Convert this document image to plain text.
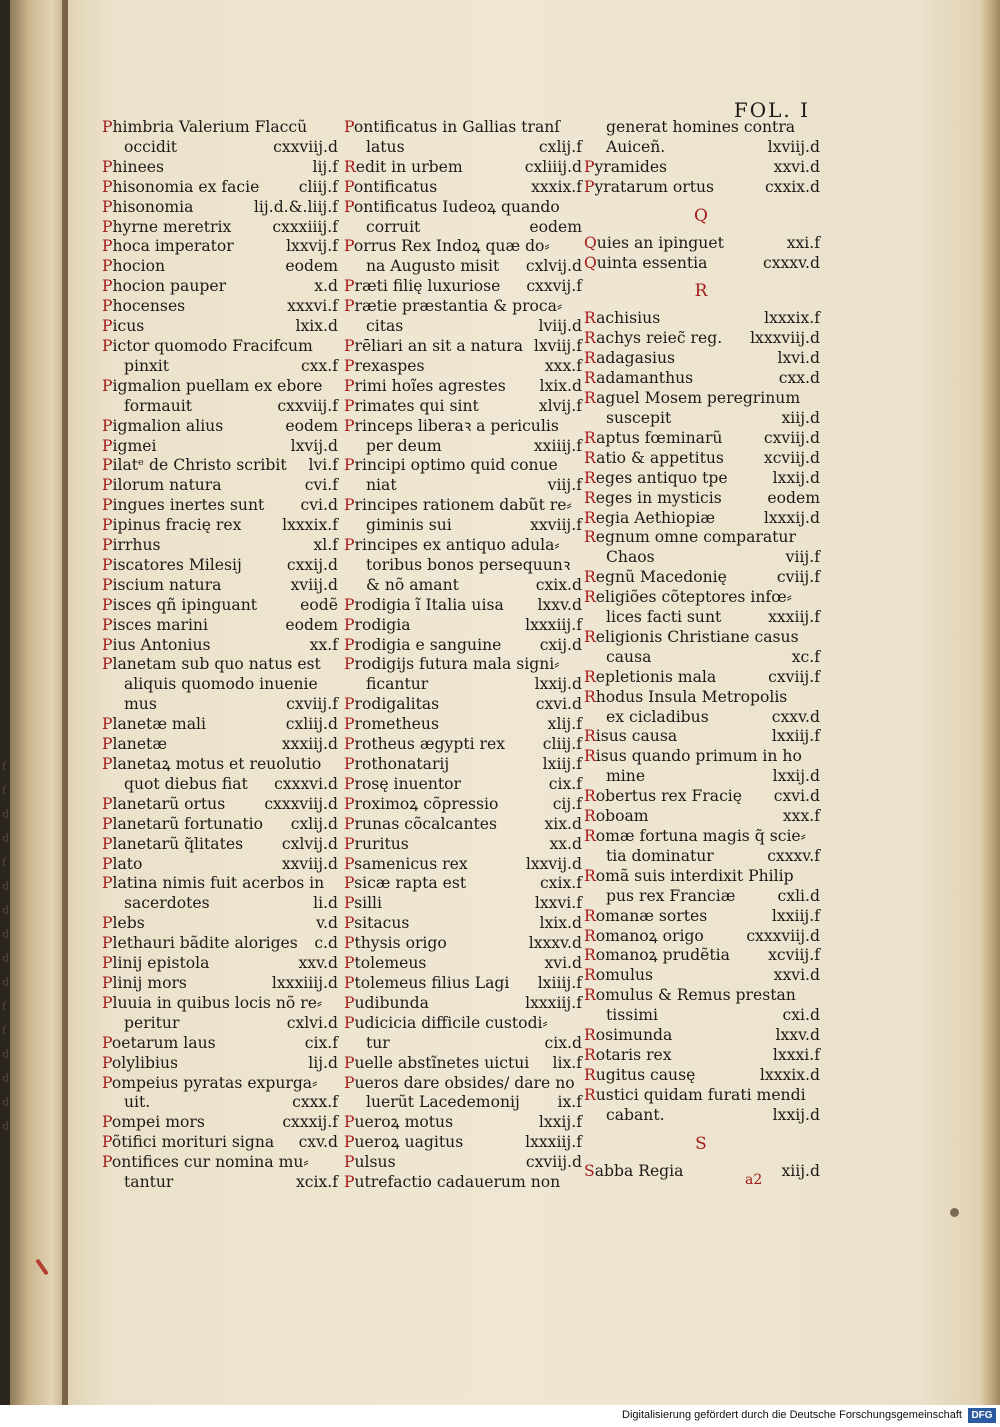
FOL. I
Phimbria Valerium Flaccũ
occidit	cxxviij.d
Phinees	lij.f
Phisonomia ex facie	cliij.f
Phisonomia	lij.d.&.liij.f
Phyrne meretrix	cxxxiiij.f
Phoca imperator	lxxvij.f
Phocion	eodem
Phocion pauper	x.d
Phocenses	xxxvi.f
Picus	lxix.d
Pictor quomodo Fracifcum
pinxit	cxx.f
Pigmalion puellam ex ebore
formauit	cxxviij.f
Pigmalion alius	eodem
Pigmei	lxvij.d
Pilatᵉ de Christo scribit lvi.f
Pilorum natura	cvi.f
Pingues inertes sunt cvi.d
Pipinus fracię rex	lxxxix.f
Pirrhus	xl.f
Piscatores Milesij	cxxij.d
Piscium natura	xviij.d
Pisces qñ ipinguant	eodẽ
Pisces marini	eodem
Pius Antonius	xx.f
Planetam sub quo natus est
aliquis quomodo inuenie
mus	cxviij.f
Planetæ mali	cxliij.d
Planetæ	xxxiij.d
Planetaꝝ motus et reuolutio
quot diebus fiat cxxxvi.d
Planetarũ ortus	cxxxviij.d
Planetarũ fortunatio cxlij.d
Planetarũ q̃litates cxlvij.d
Plato	xxviij.d
Platina nimis fuit acerbos in
sacerdotes	li.d
Plebs	v.d
Plethauri bãdite aloriges c.d
Plinij epistola	xxv.d
Plinij mors	lxxxiiij.d
Pluuia in quibus locis nõ re⸗
peritur	cxlvi.d
Poetarum laus	cix.f
Polylibius	lij.d
Pompeius pyratas expurga⸗
uit.	cxxx.f
Pompei mors	cxxxij.f
Põtifici morituri signa cxv.d
Pontifices cur nomina mu⸗
tantur	xcix.f
Pontificatus in Gallias tranſ
latus	cxlij.f
Redit in urbem	cxliiij.d
Pontificatus	xxxix.f
Pontificatus Iudeoꝝ quando
corruit	eodem
Porrus Rex Indoꝝ quæ do⸗
na Augusto misit cxlvij.d
Præti filię luxuriose cxxvij.f
Prætie præstantia & proca⸗
citas	lviij.d
Prēliari an sit a natura lxviij.f
Prexaspes	xxx.f
Primi hoĩes agrestes lxix.d
Primates qui sint	xlvij.f
Princeps liberaꝛ a periculis
per deum	xxiiij.f
Principi optimo quid conue
niat	viij.f
Principes rationem dabũt re⸗
giminis sui	xxviij.f
Principes ex antiquo adula⸗
toribus bonos persequunꝛ
& nõ amant	cxix.d
Prodigia ĩ Italia uisa lxxv.d
Prodigia	lxxxiij.f
Prodigia e sanguine cxij.d
Prodigijs futura mala signi⸗
ficantur	lxxij.d
Prodigalitas	cxvi.d
Prometheus	xlij.f
Protheus ægypti rex cliij.f
Prothonatarij	lxiij.f
Prosę inuentor	cix.f
Proximoꝝ cõpressio	cij.f
Prunas cõcalcantes	xix.d
Pruritus	xx.d
Psamenicus rex	lxxvij.d
Psicæ rapta est	cxix.f
Psilli	lxxvi.f
Psitacus	lxix.d
Pthysis origo	lxxxv.d
Ptolemeus	xvi.d
Ptolemeus filius Lagi lxiiij.f
Pudibunda	lxxxiij.f
Pudicicia difficile custodi⸗
tur	cix.d
Puelle abstĩnetes uictui lix.f
Pueros dare obsides/ dare no
luerũt Lacedemonij ix.f
Pueroꝝ motus	lxxij.f
Pueroꝝ uagitus	lxxxiij.f
Pulsus	cxviij.d
Putrefactio cadauerum non
generat homines contra
Auiceñ.	lxviij.d
Pyramides	xxvi.d
Pyratarum ortus	cxxix.d
Q
Quies an ipinguet	xxi.f
Quinta essentia	cxxxv.d
R
Rachisius	lxxxix.f
Rachys reiec̃ reg. lxxxviij.d
Radagasius	lxvi.d
Radamanthus	cxx.d
Raguel Mosem peregrinum
suscepit	xiij.d
Raptus fœminarũ	cxviij.d
Ratio & appetitus	xcviij.d
Reges antiquo tpe	lxxij.d
Reges in mysticis	eodem
Regia Aethiopiæ	lxxxij.d
Regnum omne comparatur
Chaos	viij.f
Regnũ Macedonię	cviij.f
Religiões cõteptores infœ⸗
lices facti sunt	xxxiij.f
Religionis Christiane casus
causa	xc.f
Repletionis mala	cxviij.f
Rhodus Insula Metropolis
ex cicladibus	cxxv.d
Risus causa	lxxiij.f
Risus quando primum in ho
mine	lxxij.d
Robertus rex Fracię cxvi.d
Roboam	xxx.f
Romæ fortuna magis q̃ scie⸗
tia dominatur	cxxxv.f
Romã suis interdixit Philip
pus rex Franciæ	cxli.d
Romanæ sortes	lxxiij.f
Romanoꝝ origo	cxxxviij.d
Romanoꝝ prudẽtia xcviij.f
Romulus	xxvi.d
Romulus & Remus prestan
tissimi	cxi.d
Rosimunda	lxxv.d
Rotaris rex	lxxxi.f
Rugitus causę	lxxxix.d
Rustici quidam furati mendi
cabant.	lxxij.d
S
Sabba Regia	xiij.d
a2
f
f
d
d
f
d
d
d
d
d
f
f
d
d
d
d
Digitalisierung gefördert durch die Deutsche Forschungsgemeinschaft DFG
